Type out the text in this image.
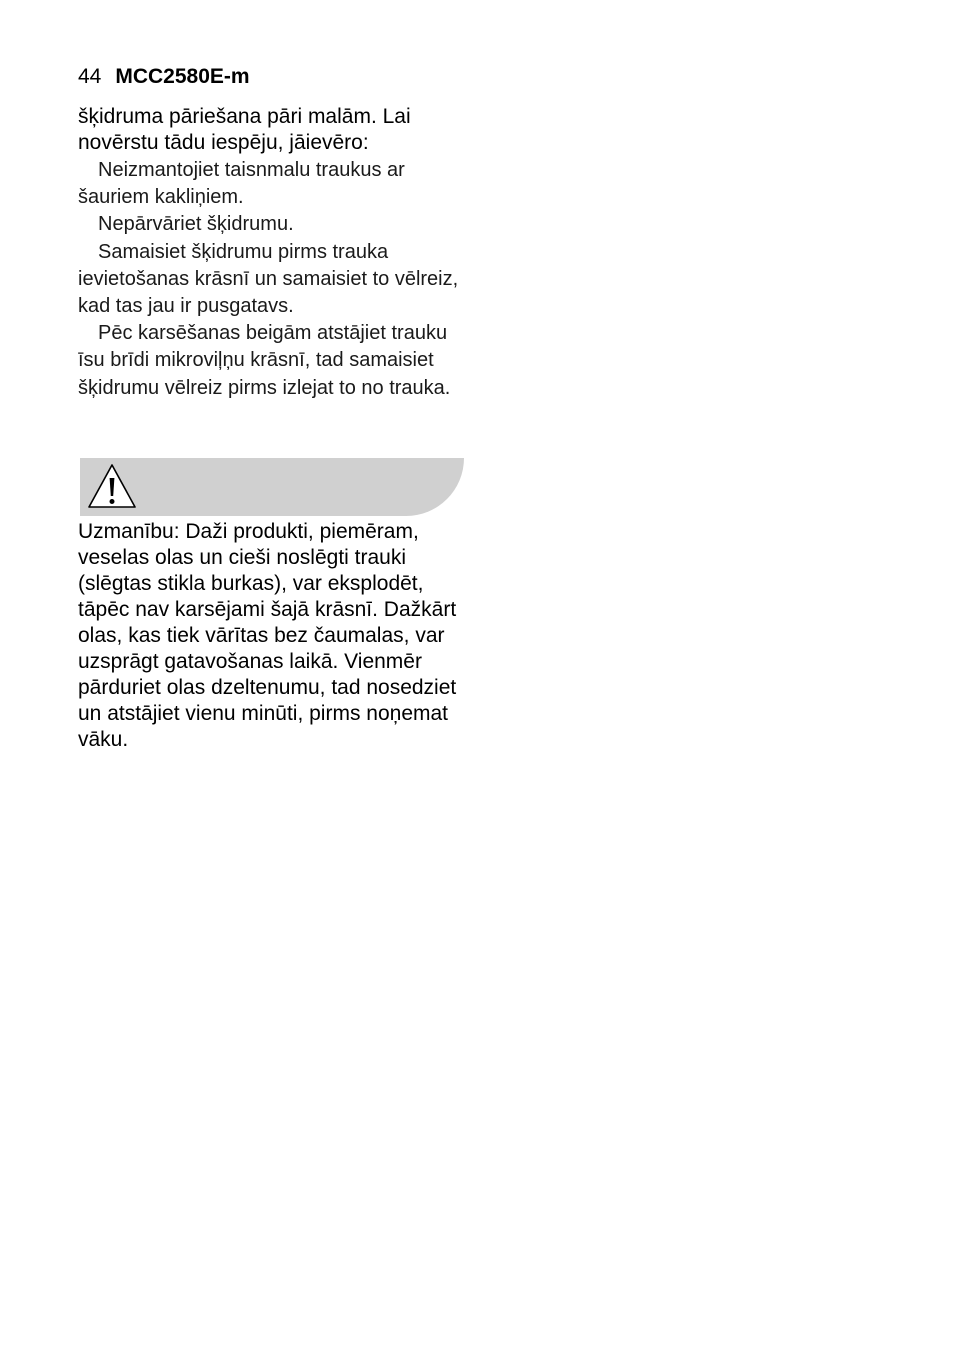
44 MCC2580E-m

šķidruma pāriešana pāri malām. Lai novērstu tādu iespēju, jāievēro:

Neizmantojiet taisnmalu traukus ar šauriem kakliņiem.
Nepārvāriet šķidrumu.
Samaisiet šķidrumu pirms trauka ievietošanas krāsnī un samaisiet to vēlreiz, kad tas jau ir pusgatavs.
Pēc karsēšanas beigām atstājiet trauku īsu brīdi mikroviļņu krāsnī, tad samaisiet šķidrumu vēlreiz pirms izlejat to no trauka.

Uzmanību: Daži produkti, piemēram, veselas olas un cieši noslēgti trauki (slēgtas stikla burkas), var eksplodēt, tāpēc nav karsējami šajā krāsnī. Dažkārt olas, kas tiek vārītas bez čaumalas, var uzsprāgt gatavošanas laikā. Vienmēr pārduriet olas dzeltenumu, tad nosedziet un atstājiet vienu minūti, pirms noņemat vāku.
